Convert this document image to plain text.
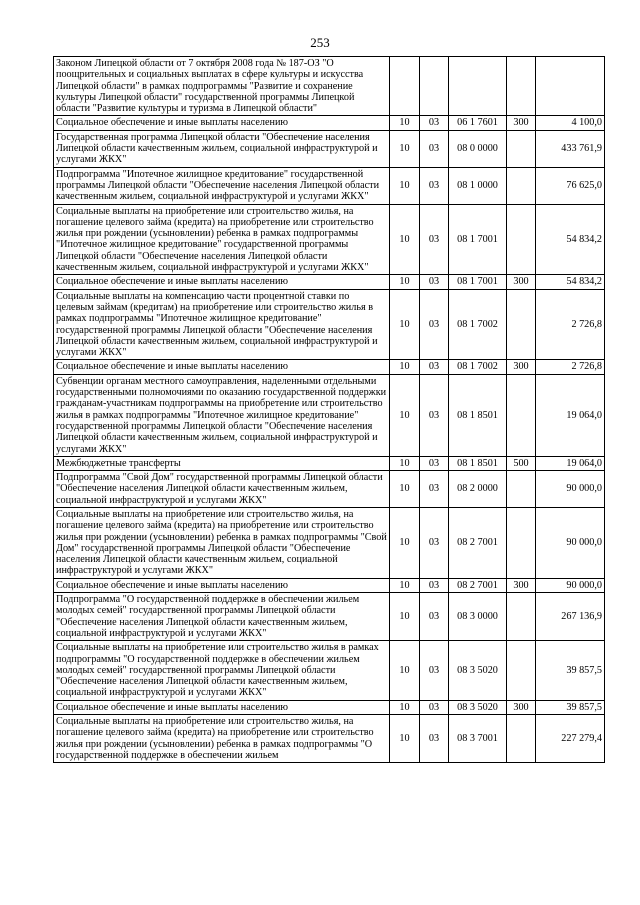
253
Законом Липецкой области от 7 октября 2008 года № 187-ОЗ "О поощрительных и социальных выплатах в сфере культуры и искусства Липецкой области" в рамках подпрограммы "Развитие и сохранение культуры Липецкой области" государственной программы Липецкой области "Развитие культуры и туризма в Липецкой области"					
Социальное обеспечение и иные выплаты населению	10	03	06 1 7601	300	4 100,0
Государственная программа Липецкой области "Обеспечение населения Липецкой области качественным жильем, социальной инфраструктурой и услугами ЖКХ"	10	03	08 0 0000		433 761,9
Подпрограмма "Ипотечное жилищное кредитование" государственной программы Липецкой области "Обеспечение населения Липецкой области качественным жильем, социальной инфраструктурой и услугами ЖКХ"	10	03	08 1 0000		76 625,0
Социальные выплаты на приобретение или строительство жилья, на погашение целевого займа (кредита) на приобретение или строительство жилья при рождении (усыновлении) ребенка в рамках подпрограммы "Ипотечное жилищное кредитование" государственной программы Липецкой области "Обеспечение населения Липецкой области качественным жильем, социальной инфраструктурой и услугами ЖКХ"	10	03	08 1 7001		54 834,2
Социальное обеспечение и иные выплаты населению	10	03	08 1 7001	300	54 834,2
Социальные выплаты на компенсацию части процентной ставки по целевым займам (кредитам) на приобретение или строительство жилья в рамках подпрограммы "Ипотечное жилищное кредитование" государственной программы Липецкой области "Обеспечение населения Липецкой области качественным жильем, социальной инфраструктурой и услугами ЖКХ"	10	03	08 1 7002		2 726,8
Социальное обеспечение и иные выплаты населению	10	03	08 1 7002	300	2 726,8
Субвенции органам местного самоуправления, наделенными отдельными государственными полномочиями по оказанию государственной поддержки гражданам-участникам подпрограммы на приобретение или строительство жилья в рамках подпрограммы "Ипотечное жилищное кредитование" государственной программы Липецкой области "Обеспечение населения Липецкой области качественным жильем, социальной инфраструктурой и услугами ЖКХ"	10	03	08 1 8501		19 064,0
Межбюджетные трансферты	10	03	08 1 8501	500	19 064,0
Подпрограмма "Свой Дом" государственной программы Липецкой области "Обеспечение населения Липецкой области качественным жильем, социальной инфраструктурой и услугами ЖКХ"	10	03	08 2 0000		90 000,0
Социальные выплаты на приобретение или строительство жилья, на погашение целевого займа (кредита) на приобретение или строительство жилья при рождении (усыновлении) ребенка в рамках подпрограммы "Свой Дом" государственной программы Липецкой области "Обеспечение населения Липецкой области качественным жильем, социальной инфраструктурой и услугами ЖКХ"	10	03	08 2 7001		90 000,0
Социальное обеспечение и иные выплаты населению	10	03	08 2 7001	300	90 000,0
Подпрограмма "О государственной поддержке в обеспечении жильем молодых семей" государственной программы Липецкой области "Обеспечение населения Липецкой области качественным жильем, социальной инфраструктурой и услугами ЖКХ"	10	03	08 3 0000		267 136,9
Социальные выплаты на приобретение или строительство жилья в рамках подпрограммы "О государственной поддержке в обеспечении жильем молодых семей" государственной программы Липецкой области "Обеспечение населения Липецкой области качественным жильем, социальной инфраструктурой и услугами ЖКХ"	10	03	08 3 5020		39 857,5
Социальное обеспечение и иные выплаты населению	10	03	08 3 5020	300	39 857,5
Социальные выплаты на приобретение или строительство жилья, на погашение целевого займа (кредита) на приобретение или строительство жилья при рождении (усыновлении) ребенка в рамках подпрограммы "О государственной поддержке в обеспечении жильем	10	03	08 3 7001		227 279,4
